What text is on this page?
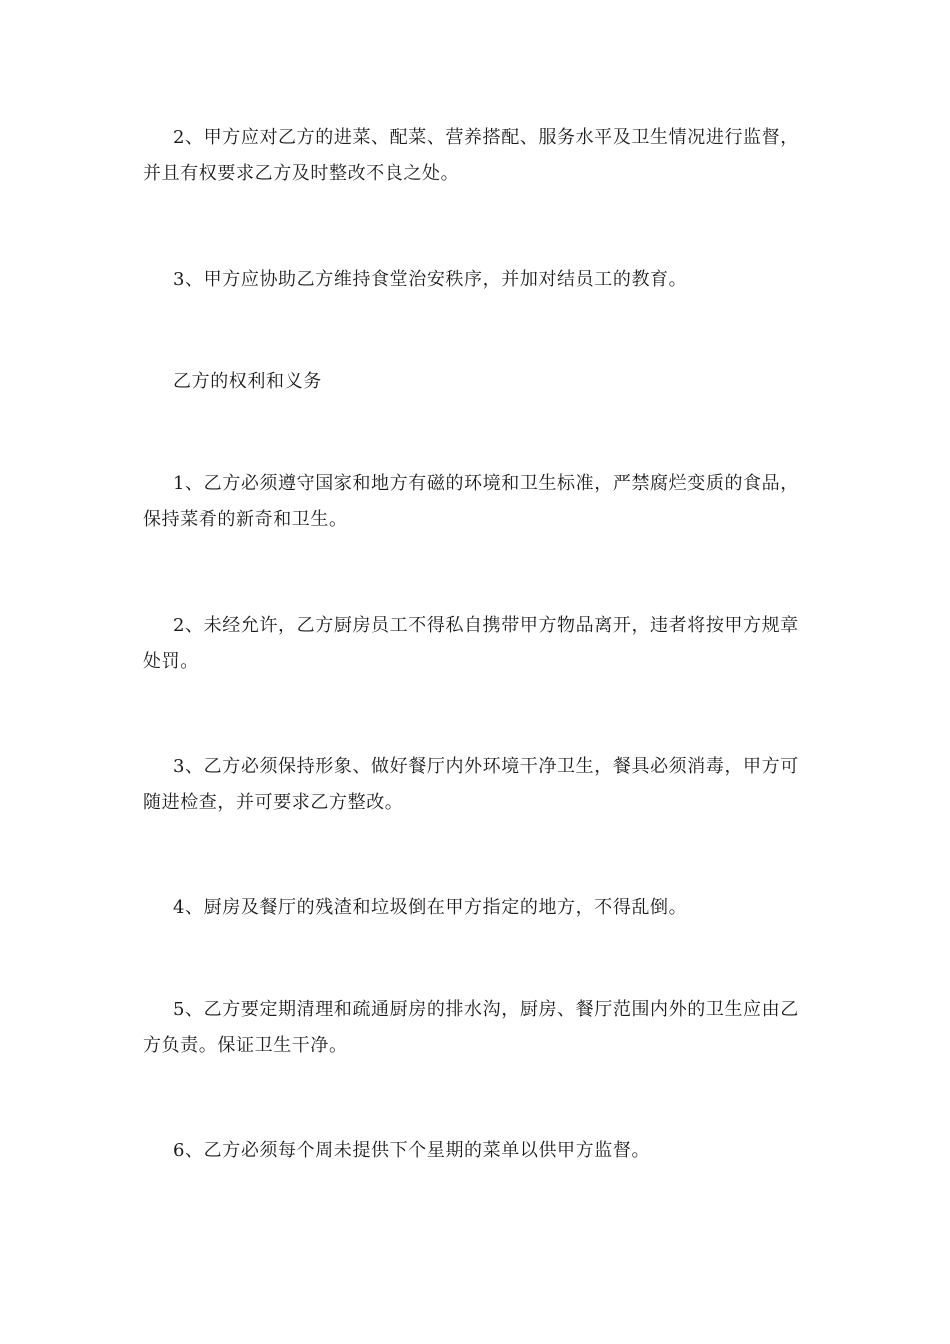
2、甲方应对乙方的进菜、配菜、营养搭配、服务水平及卫生情况进行监督，并且有权要求乙方及时整改不良之处。

3、甲方应协助乙方维持食堂治安秩序，并加对结员工的教育。

乙方的权利和义务

1、乙方必须遵守国家和地方有磁的环境和卫生标准，严禁腐烂变质的食品，保持菜肴的新奇和卫生。

2、未经允许，乙方厨房员工不得私自携带甲方物品离开，违者将按甲方规章处罚。

3、乙方必须保持形象、做好餐厅内外环境干净卫生，餐具必须消毒，甲方可随进检查，并可要求乙方整改。

4、厨房及餐厅的残渣和垃圾倒在甲方指定的地方，不得乱倒。

5、乙方要定期清理和疏通厨房的排水沟，厨房、餐厅范围内外的卫生应由乙方负责。保证卫生干净。

6、乙方必须每个周未提供下个星期的菜单以供甲方监督。
